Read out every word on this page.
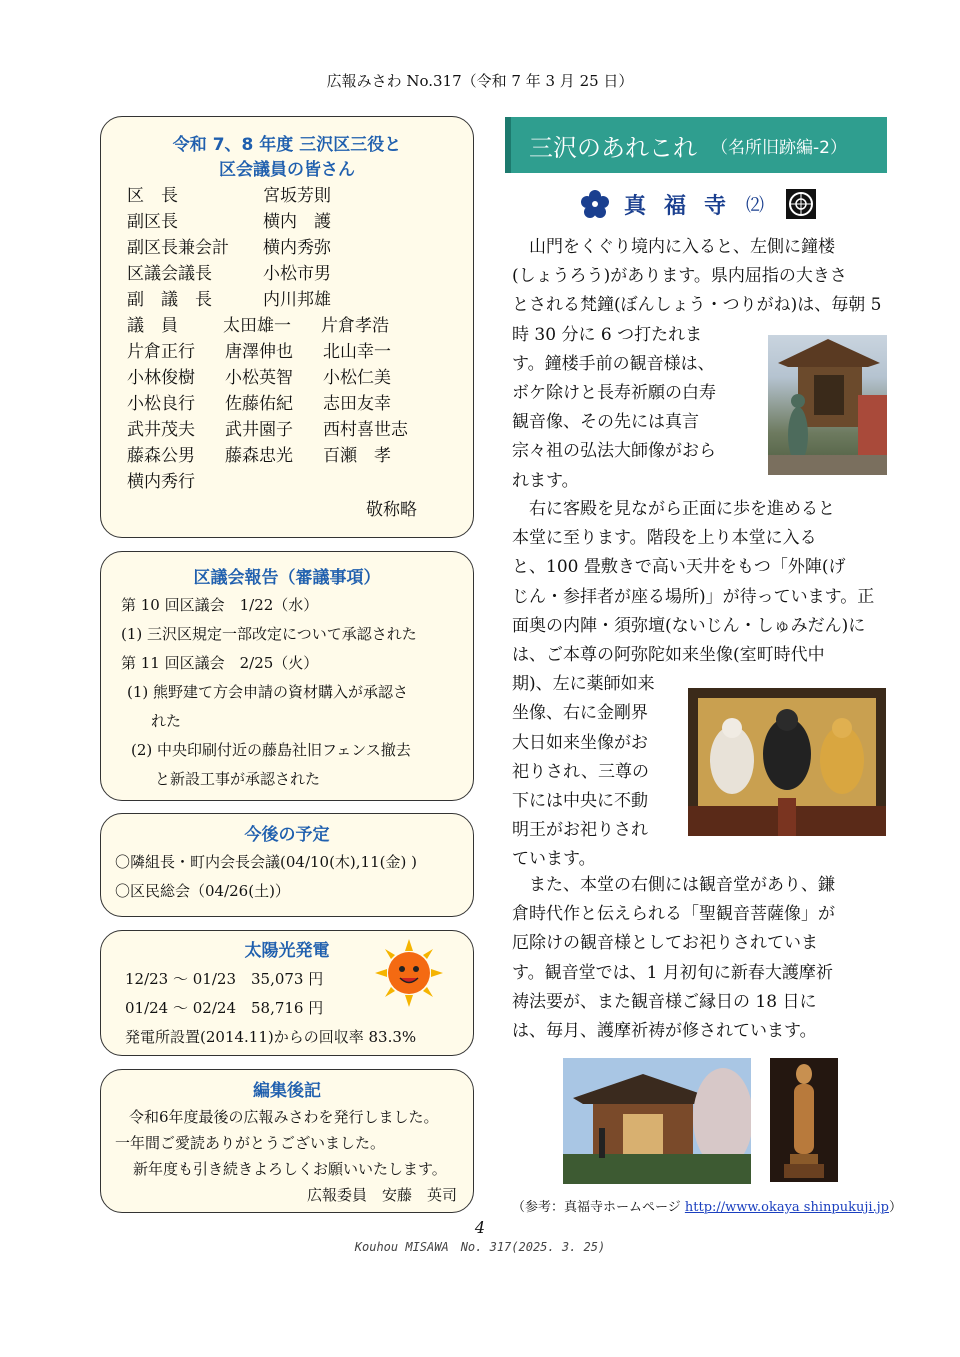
広報みさわ No.317（令和 7 年 3 月 25 日）
令和 7、8 年度 三沢区三役と
区会議員の皆さん
区　長	宮坂芳則
副区長	横内　護
副区長兼会計	横内秀弥
区議会議長	小松市男
副　議　長	内川邦雄
議　員	太田雄一	片倉孝浩
片倉正行	唐澤伸也	北山幸一
小林俊樹	小松英智	小松仁美
小松良行	佐藤佑紀	志田友幸
武井茂夫	武井園子	西村喜世志
藤森公男	藤森忠光	百瀬　孝
横内秀行
敬称略
区議会報告（審議事項）
第 10 回区議会　1/22（水）
(1) 三沢区規定一部改定について承認された
第 11 回区議会　2/25（火）
(1) 熊野建て方会申請の資材購入が承認さ
れた
(2) 中央印刷付近の藤島社旧フェンス撤去
と新設工事が承認された
今後の予定
〇隣組長・町内会長会議(04/10(木),11(金) )
〇区民総会（04/26(土)）
太陽光発電
12/23 ～ 01/23　35,073 円
01/24 ～ 02/24　58,716 円
発電所設置(2014.11)からの回収率 83.3%
編集後記
令和6年度最後の広報みさわを発行しました。
一年間ご愛読ありがとうございました。
新年度も引き続きよろしくお願いいたします。
広報委員　安藤　英司
三沢のあれこれ （名所旧跡編-2）
真福寺 ⑵
　山門をくぐり境内に入ると、左側に鐘楼
(しょうろう)があります。県内屈指の大きさ
とされる梵鐘(ぼんしょう・つりがね)は、毎朝 5
時 30 分に 6 つ打たれま
す。鐘楼手前の観音様は、
ボケ除けと長寿祈願の白寿
観音像、その先には真言
宗々祖の弘法大師像がおら
れます。
　右に客殿を見ながら正面に歩を進めると
本堂に至ります。階段を上り本堂に入る
と、100 畳敷きで高い天井をもつ「外陣(げ
じん・参拝者が座る場所)」が待っています。正
面奥の内陣・須弥壇(ないじん・しゅみだん)に
は、ご本尊の阿弥陀如来坐像(室町時代中
期)、左に薬師如来
坐像、右に金剛界
大日如来坐像がお
祀りされ、三尊の
下には中央に不動
明王がお祀りされ
ています。
　また、本堂の右側には観音堂があり、鎌
倉時代作と伝えられる「聖観音菩薩像」が
厄除けの観音様としてお祀りされていま
す。観音堂では、1 月初旬に新春大護摩祈
祷法要が、また観音様ご縁日の 18 日に
は、毎月、護摩祈祷が修されています。
（参考：真福寺ホームページ http://www.okaya shinpukuji.jp）
4
Kouhou MISAWA　No. 317(2025. 3. 25)
